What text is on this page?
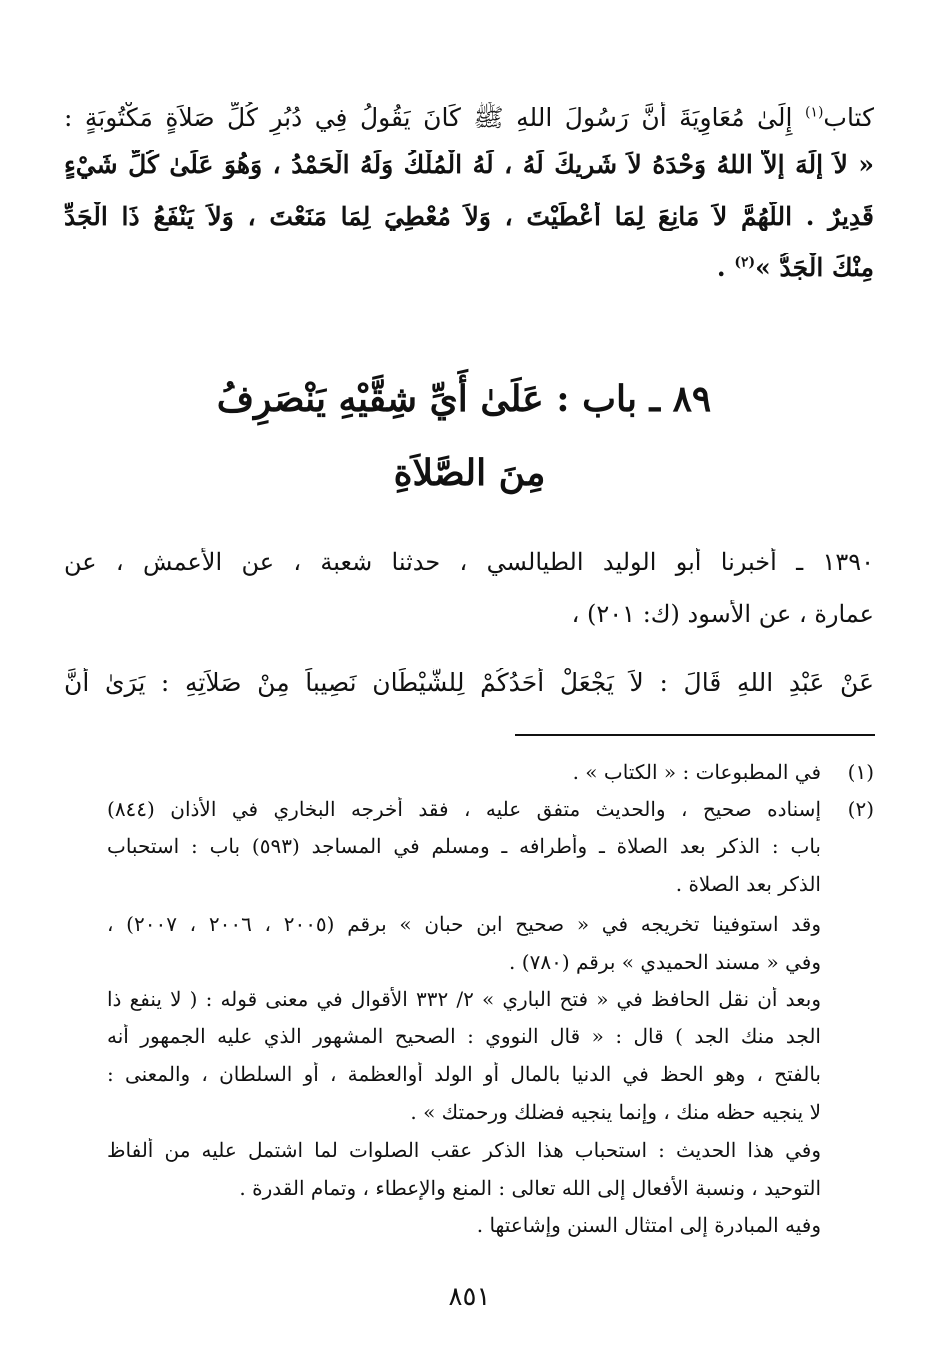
كتاب$^{(١)}$ إِلَىٰ مُعَاوِيَةَ أَنَّ رَسُولَ اللهِ ﷺ كَانَ يَقُولُ فِي دُبُرِ كُلِّ صَلاَةٍ مَكْتُوبَةٍ :
« لاَ إِلَهَ إِلاَّ اللهُ وَحْدَهُ لاَ شَرِيكَ لَهُ ، لَهُ الْمُلْكُ وَلَهُ الْحَمْدُ ، وَهُوَ عَلَىٰ كُلِّ شَيْءٍ
قَدِيرٌ . اللَّهُمَّ لاَ مَانِعَ لِمَا أَعْطَيْتَ ، وَلاَ مُعْطِيَ لِمَا مَنَعْتَ ، وَلاَ يَنْفَعُ ذَا الْجَدِّ
مِنْكَ الْجَدُّ »$^{(٢)}$ .
٨٩ ـ باب : عَلَىٰ أَيِّ شِقَّيْهِ يَنْصَرِفُ
مِنَ الصَّلاَةِ
١٣٩٠ ـ أخبرنا أبو الوليد الطيالسي ، حدثنا شعبة ، عن الأعمش ، عن
عمارة ، عن الأسود (ك: ٢٠١) ،
عَنْ عَبْدِ اللهِ قَالَ : لاَ يَجْعَلْ أَحَدُكُمْ لِلشَّيْطَانِ نَصِيباً مِنْ صَلاَتِهِ : يَرَىٰ أَنَّ
(١)
في المطبوعات : « الكتاب » .
(٢)
إسناده صحيح ، والحديث متفق عليه ، فقد أخرجه البخاري في الأذان (٨٤٤)
باب : الذكر بعد الصلاة ـ وأطرافه ـ ومسلم في المساجد (٥٩٣) باب : استحباب
الذكر بعد الصلاة .
وقد استوفينا تخريجه في « صحيح ابن حبان » برقم (٢٠٠٥ ، ٢٠٠٦ ، ٢٠٠٧) ،
وفي « مسند الحميدي » برقم (٧٨٠) .
وبعد أن نقل الحافظ في « فتح الباري » ٢/ ٣٣٢ الأقوال في معنى قوله : ( لا ينفع ذا
الجد منك الجد ) قال : « قال النووي : الصحيح المشهور الذي عليه الجمهور أنه
بالفتح ، وهو الحظ في الدنيا بالمال أو الولد أوالعظمة ، أو السلطان ، والمعنى :
لا ينجيه حظه منك ، وإنما ينجيه فضلك ورحمتك » .
وفي هذا الحديث : استحباب هذا الذكر عقب الصلوات لما اشتمل عليه من ألفاظ
التوحيد ، ونسبة الأفعال إلى الله تعالى : المنع والإعطاء ، وتمام القدرة .
وفيه المبادرة إلى امتثال السنن وإشاعتها .
٨٥١
